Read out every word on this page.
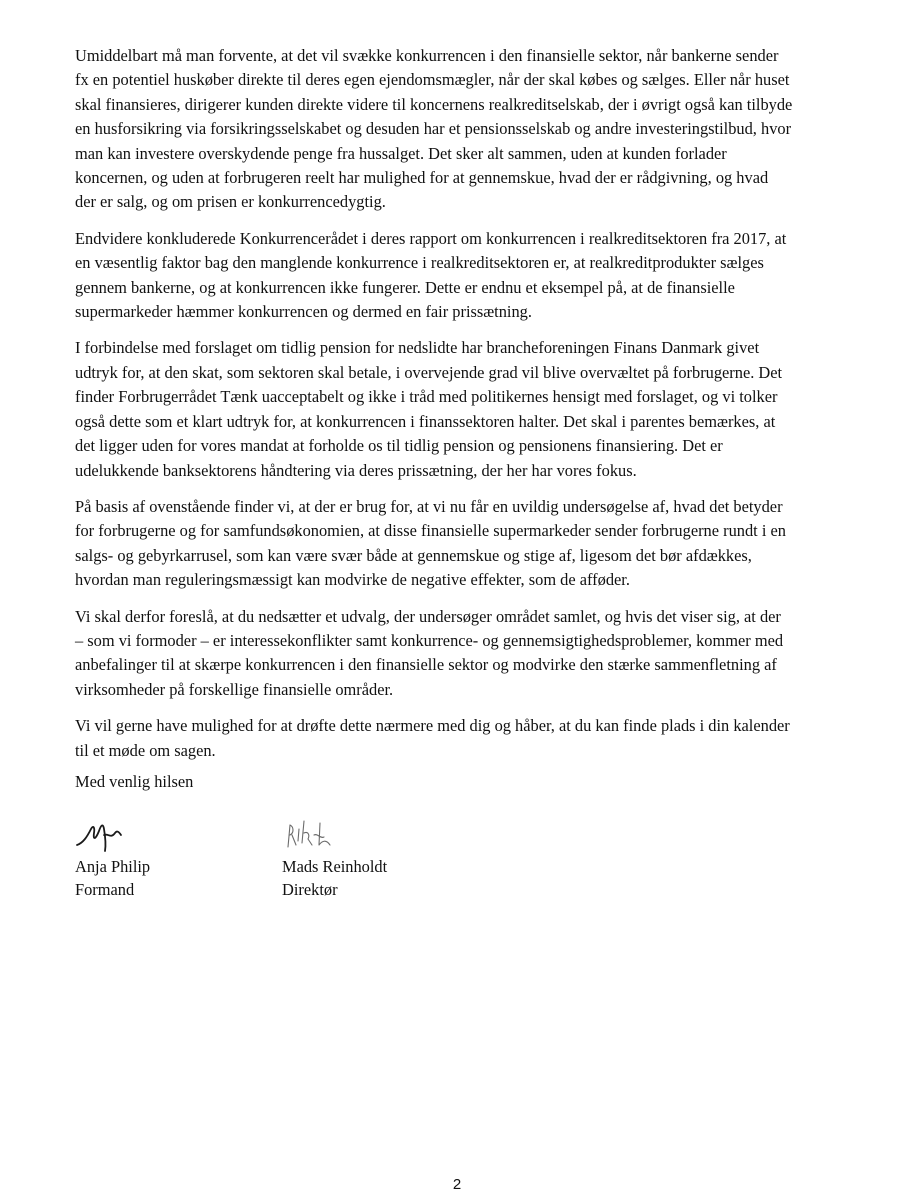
Umiddelbart må man forvente, at det vil svække konkurrencen i den finansielle sektor, når bankerne sender
fx en potentiel huskøber direkte til deres egen ejendomsmægler, når der skal købes og sælges. Eller når huset
skal finansieres, dirigerer kunden direkte videre til koncernens realkreditselskab, der i øvrigt også kan tilbyde
en husforsikring via forsikringsselskabet og desuden har et pensionsselskab og andre investeringstilbud, hvor
man kan investere overskydende penge fra hussalget. Det sker alt sammen, uden at kunden forlader
koncernen, og uden at forbrugeren reelt har mulighed for at gennemskue, hvad der er rådgivning, og hvad
der er salg, og om prisen er konkurrencedygtig.

Endvidere konkluderede Konkurrencerådet i deres rapport om konkurrencen i realkreditsektoren fra 2017, at
en væsentlig faktor bag den manglende konkurrence i realkreditsektoren er, at realkreditprodukter sælges
gennem bankerne, og at konkurrencen ikke fungerer. Dette er endnu et eksempel på, at de finansielle
supermarkeder hæmmer konkurrencen og dermed en fair prissætning.

I forbindelse med forslaget om tidlig pension for nedslidte har brancheforeningen Finans Danmark givet
udtryk for, at den skat, som sektoren skal betale, i overvejende grad vil blive overvæltet på forbrugerne. Det
finder Forbrugerrådet Tænk uacceptabelt og ikke i tråd med politikernes hensigt med forslaget, og vi tolker
også dette som et klart udtryk for, at konkurrencen i finanssektoren halter. Det skal i parentes bemærkes, at
det ligger uden for vores mandat at forholde os til tidlig pension og pensionens finansiering. Det er
udelukkende banksektorens håndtering via deres prissætning, der her har vores fokus.

På basis af ovenstående finder vi, at der er brug for, at vi nu får en uvildig undersøgelse af, hvad det betyder
for forbrugerne og for samfundsøkonomien, at disse finansielle supermarkeder sender forbrugerne rundt i en
salgs- og gebyrkarrusel, som kan være svær både at gennemskue og stige af, ligesom det bør afdækkes,
hvordan man reguleringsmæssigt kan modvirke de negative effekter, som de afføder.

Vi skal derfor foreslå, at du nedsætter et udvalg, der undersøger området samlet, og hvis det viser sig, at der
– som vi formoder – er interessekonflikter samt konkurrence- og gennemsigtighedsproblemer, kommer med
anbefalinger til at skærpe konkurrencen i den finansielle sektor og modvirke den stærke sammenfletning af
virksomheder på forskellige finansielle områder.

Vi vil gerne have mulighed for at drøfte dette nærmere med dig og håber, at du kan finde plads i din kalender
til et møde om sagen.

Med venlig hilsen

Anja Philip
Formand
Mads Reinholdt
Direktør
2
